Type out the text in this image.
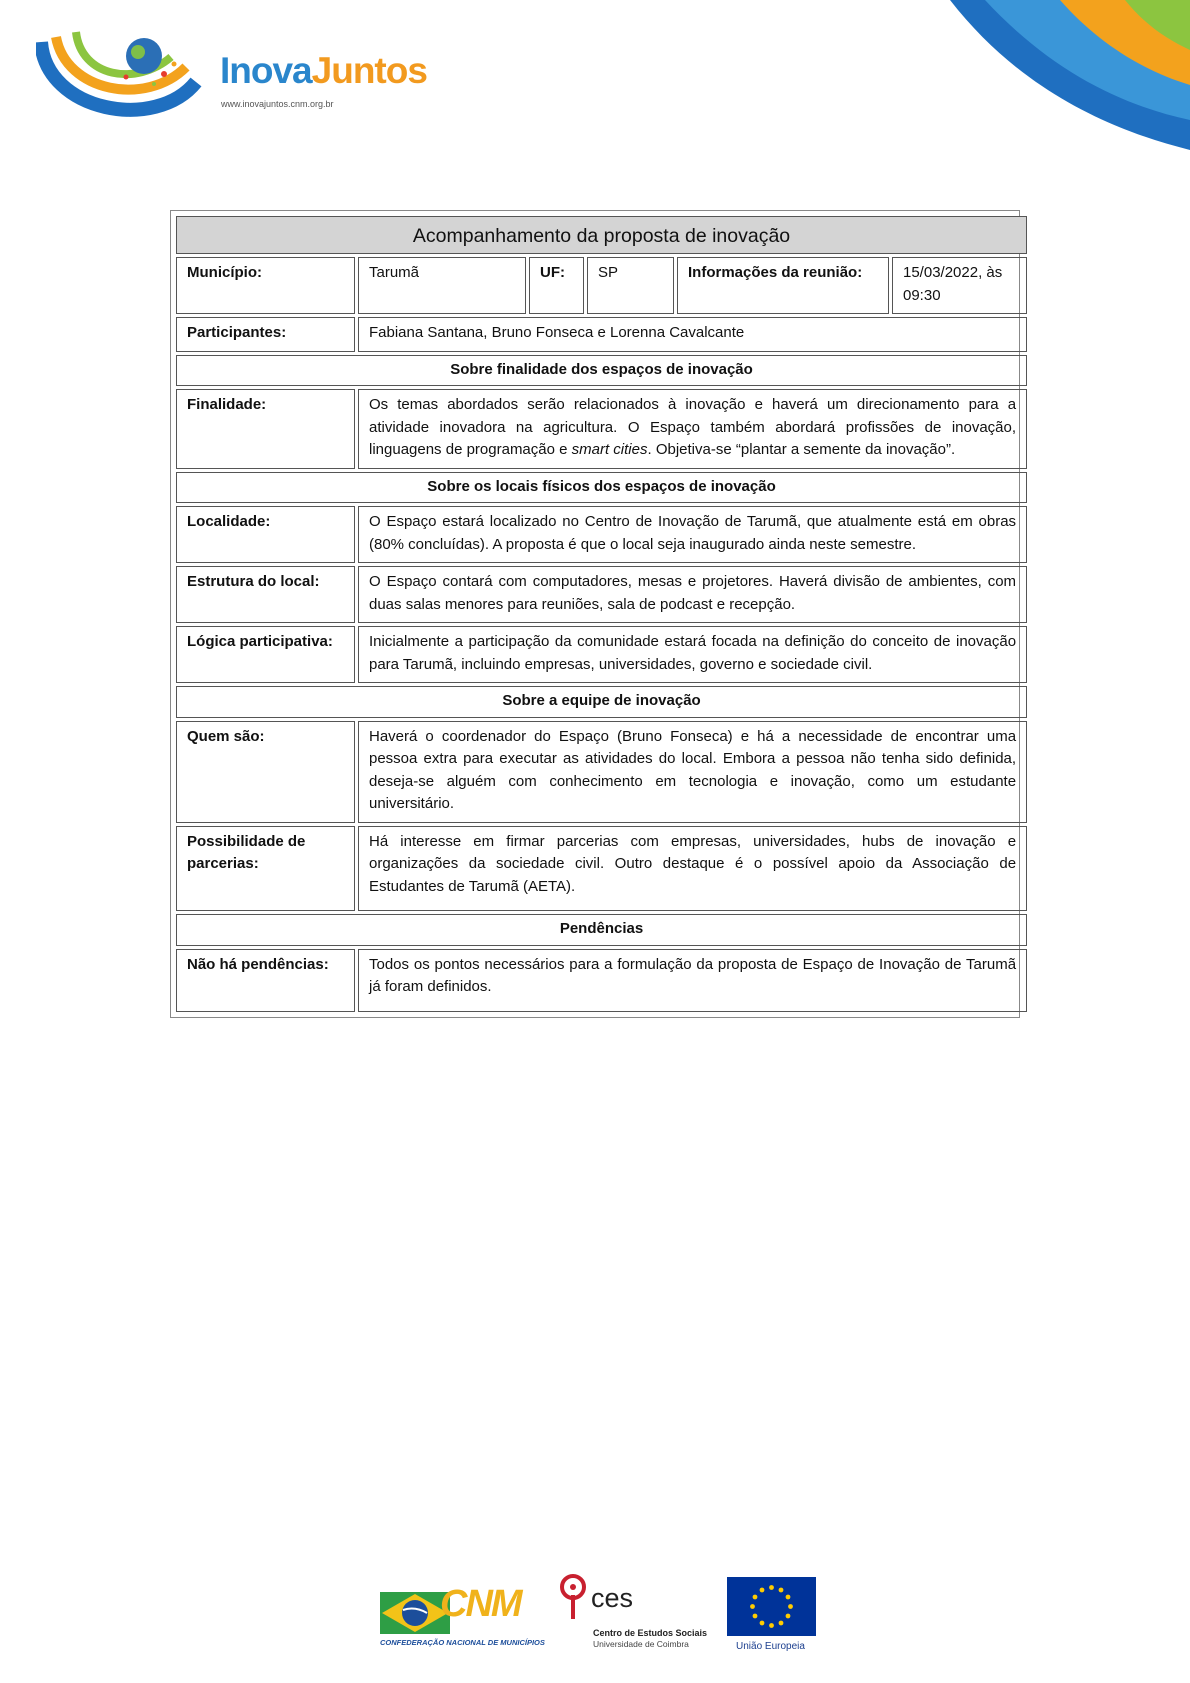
InovaJuntos
www.inovajuntos.cnm.org.br
Acompanhamento da proposta de inovação					
Município:	Tarumã	UF:	SP	Informações da reunião:	15/03/2022, às 09:30
Participantes:	Fabiana Santana, Bruno Fonseca e Lorenna Cavalcante				
Sobre finalidade dos espaços de inovação					
Finalidade:	Os temas abordados serão relacionados à inovação e haverá um direcionamento para a atividade inovadora na agricultura. O Espaço também abordará profissões de inovação, linguagens de programação e smart cities. Objetiva-se “plantar a semente da inovação”.				
Sobre os locais físicos dos espaços de inovação					
Localidade:	O Espaço estará localizado no Centro de Inovação de Tarumã, que atualmente está em obras (80% concluídas). A proposta é que o local seja inaugurado ainda neste semestre.				
Estrutura do local:	O Espaço contará com computadores, mesas e projetores. Haverá divisão de ambientes, com duas salas menores para reuniões, sala de podcast e recepção.				
Lógica participativa:	Inicialmente a participação da comunidade estará focada na definição do conceito de inovação para Tarumã, incluindo empresas, universidades, governo e sociedade civil.				
Sobre a equipe de inovação					
Quem são:	Haverá o coordenador do Espaço (Bruno Fonseca) e há a necessidade de encontrar uma pessoa extra para executar as atividades do local. Embora a pessoa não tenha sido definida, deseja-se alguém com conhecimento em tecnologia e inovação, como um estudante universitário.				
Possibilidade de parcerias:	Há interesse em firmar parcerias com empresas, universidades, hubs de inovação e organizações da sociedade civil. Outro destaque é o possível apoio da Associação de Estudantes de Tarumã (AETA).				
Pendências					
Não há pendências:	Todos os pontos necessários para a formulação da proposta de Espaço de Inovação de Tarumã já foram definidos.				
CNM
CONFEDERAÇÃO NACIONAL DE MUNICÍPIOS
ces
Centro de Estudos Sociais
Universidade de Coimbra	União Europeia
